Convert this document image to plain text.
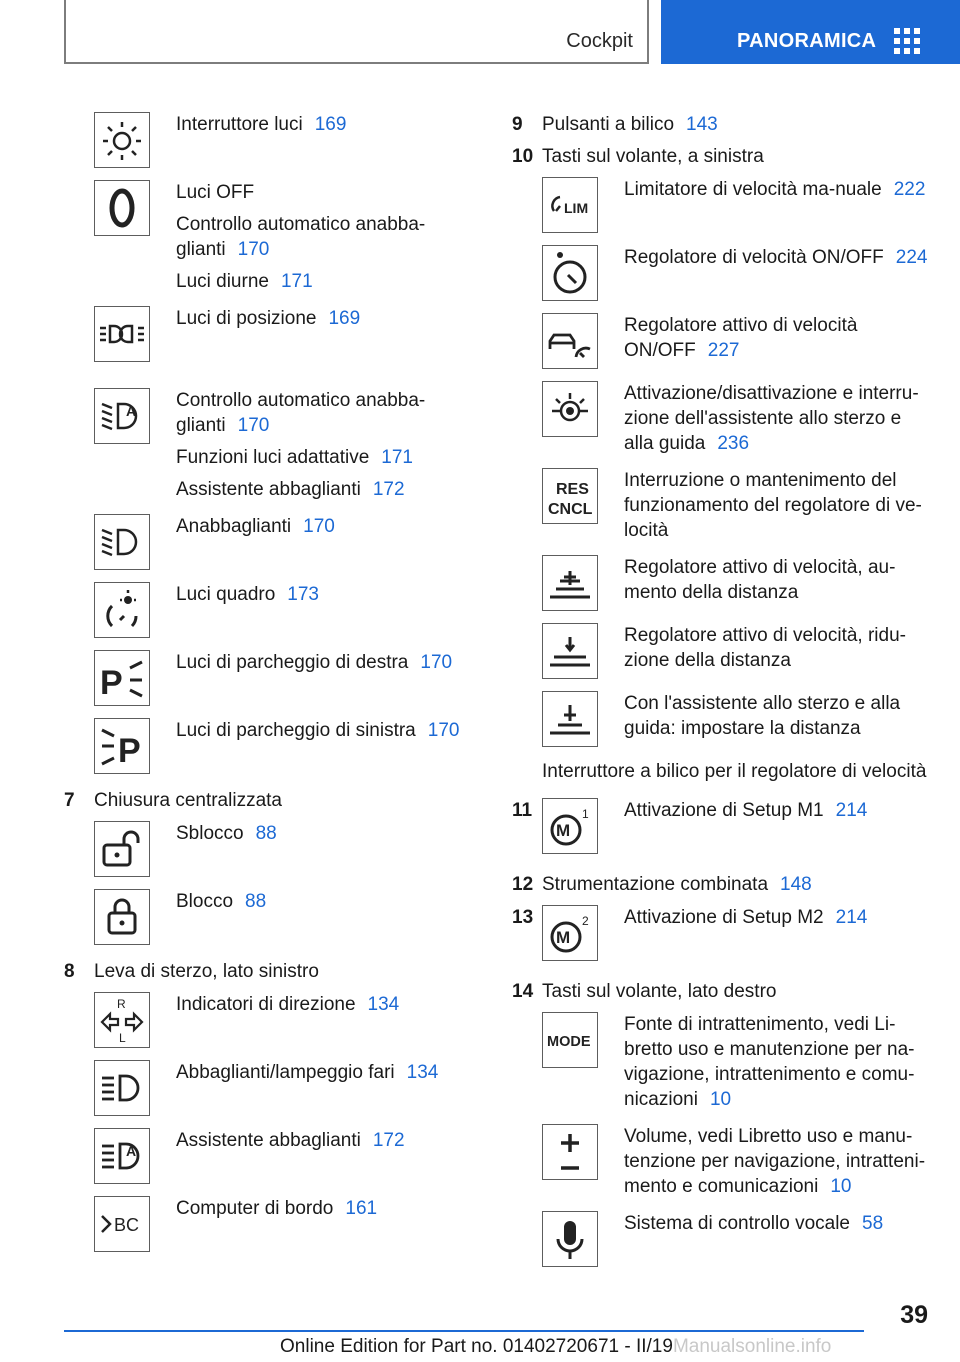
Cockpit	PANORAMICA

Interruttore luci 169

Luci OFF

Controllo automatico anabba-glianti 170

Luci diurne 171

Luci di posizione 169

A Controllo automatico anabba-glianti 170

Funzioni luci adattative 171

Assistente abbaglianti 172

Anabbaglianti 170

Luci quadro 173

P

Luci di parcheggio di destra 170

P

Luci di parcheggio di sinistra 170

7	Chiusura centralizzata

Sblocco 88

Blocco 88

8	Leva di sterzo, lato sinistro
R
L

Indicatori di direzione 134

Abbaglianti/lampeggio fari 134

A Assistente abbaglianti 172

BC

Computer di bordo 161

9	Pulsanti a bilico 143
10 Tasti sul volante, a sinistra
LIM

Limitatore di velocità ma-nuale 222

Regolatore di velocità ON/OFF 224

Regolatore attivo di velocità ON/OFF 227

Attivazione/disattivazione e interru-zione dell'assistente allo sterzo e alla guida 236

RES
CNCL

Interruzione o mantenimento del funzionamento del regolatore di ve-locità

Regolatore attivo di velocità, au-mento della distanza

Regolatore attivo di velocità, ridu-zione della distanza

Con l'assistente allo sterzo e alla guida: impostare la distanza

Interruttore a bilico per il regolatore di velocità
11
M
1 Attivazione di Setup M1 214

12 Strumentazione combinata 148
13
M
2 Attivazione di Setup M2 214

14 Tasti sul volante, lato destro
MODE

Fonte di intrattenimento, vedi Li-bretto uso e manutenzione per na-vigazione, intrattenimento e comu-nicazioni 10

Volume, vedi Libretto uso e manu-tenzione per navigazione, intratteni-mento e comunicazioni 10

Sistema di controllo vocale 58

39
Online Edition for Part no. 01402720671 - II/19Manualsonline.info
